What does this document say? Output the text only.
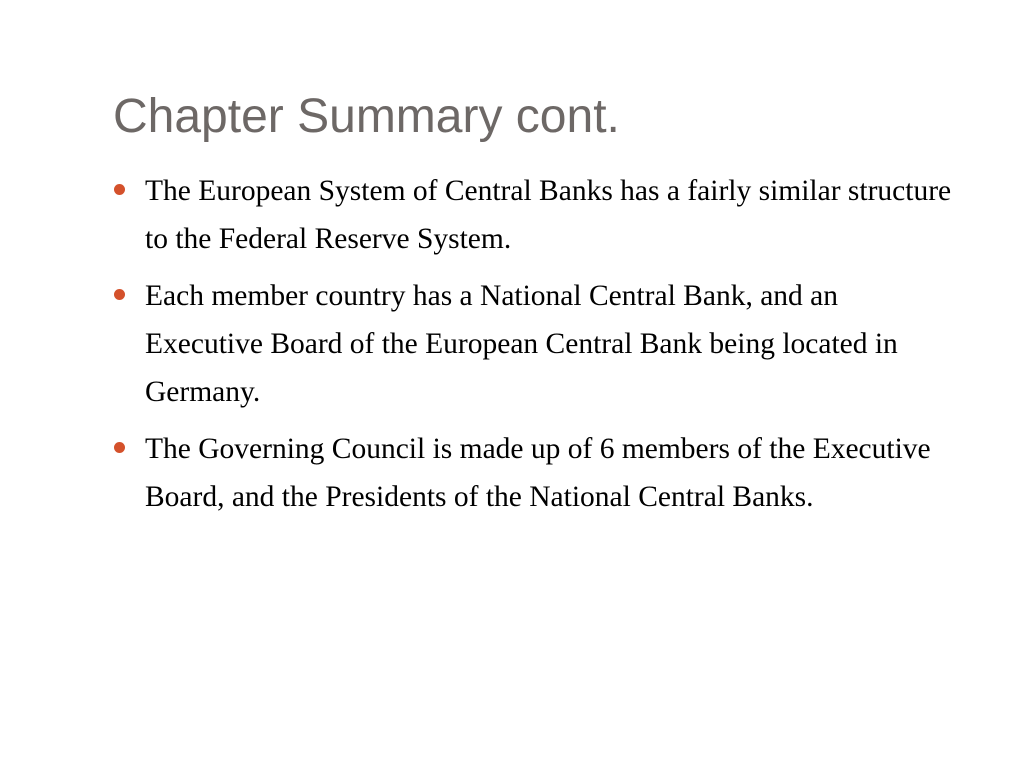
Chapter Summary cont.
The European System of Central Banks has a fairly similar structure to the Federal Reserve System.
Each member country has a National Central Bank, and an Executive Board of the European Central Bank being located in Germany.
The Governing Council is made up of 6 members of the Executive Board, and the Presidents of the National Central Banks.
